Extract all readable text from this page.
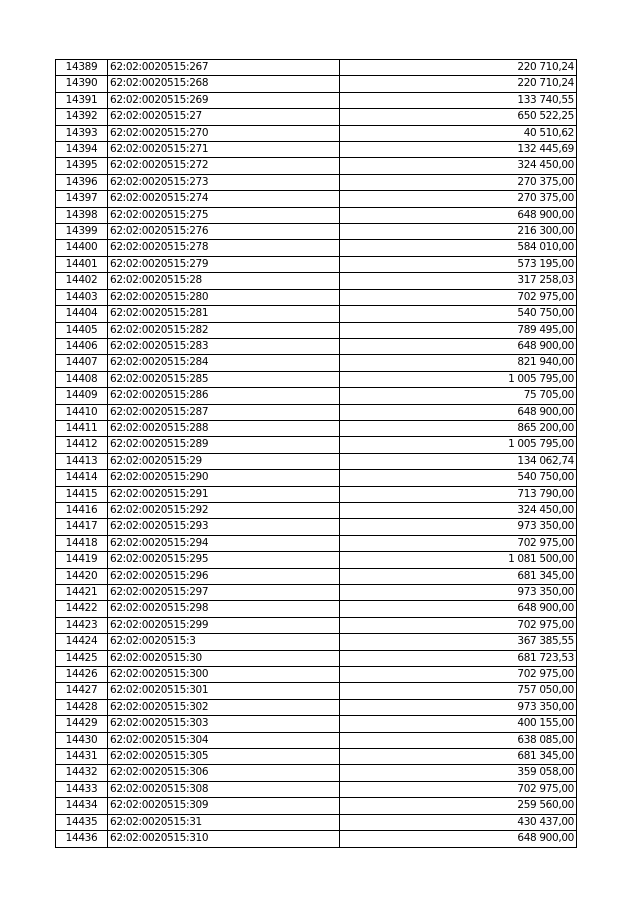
14389	62:02:0020515:267	220 710,24
14390	62:02:0020515:268	220 710,24
14391	62:02:0020515:269	133 740,55
14392	62:02:0020515:27	650 522,25
14393	62:02:0020515:270	40 510,62
14394	62:02:0020515:271	132 445,69
14395	62:02:0020515:272	324 450,00
14396	62:02:0020515:273	270 375,00
14397	62:02:0020515:274	270 375,00
14398	62:02:0020515:275	648 900,00
14399	62:02:0020515:276	216 300,00
14400	62:02:0020515:278	584 010,00
14401	62:02:0020515:279	573 195,00
14402	62:02:0020515:28	317 258,03
14403	62:02:0020515:280	702 975,00
14404	62:02:0020515:281	540 750,00
14405	62:02:0020515:282	789 495,00
14406	62:02:0020515:283	648 900,00
14407	62:02:0020515:284	821 940,00
14408	62:02:0020515:285	1 005 795,00
14409	62:02:0020515:286	75 705,00
14410	62:02:0020515:287	648 900,00
14411	62:02:0020515:288	865 200,00
14412	62:02:0020515:289	1 005 795,00
14413	62:02:0020515:29	134 062,74
14414	62:02:0020515:290	540 750,00
14415	62:02:0020515:291	713 790,00
14416	62:02:0020515:292	324 450,00
14417	62:02:0020515:293	973 350,00
14418	62:02:0020515:294	702 975,00
14419	62:02:0020515:295	1 081 500,00
14420	62:02:0020515:296	681 345,00
14421	62:02:0020515:297	973 350,00
14422	62:02:0020515:298	648 900,00
14423	62:02:0020515:299	702 975,00
14424	62:02:0020515:3	367 385,55
14425	62:02:0020515:30	681 723,53
14426	62:02:0020515:300	702 975,00
14427	62:02:0020515:301	757 050,00
14428	62:02:0020515:302	973 350,00
14429	62:02:0020515:303	400 155,00
14430	62:02:0020515:304	638 085,00
14431	62:02:0020515:305	681 345,00
14432	62:02:0020515:306	359 058,00
14433	62:02:0020515:308	702 975,00
14434	62:02:0020515:309	259 560,00
14435	62:02:0020515:31	430 437,00
14436	62:02:0020515:310	648 900,00
